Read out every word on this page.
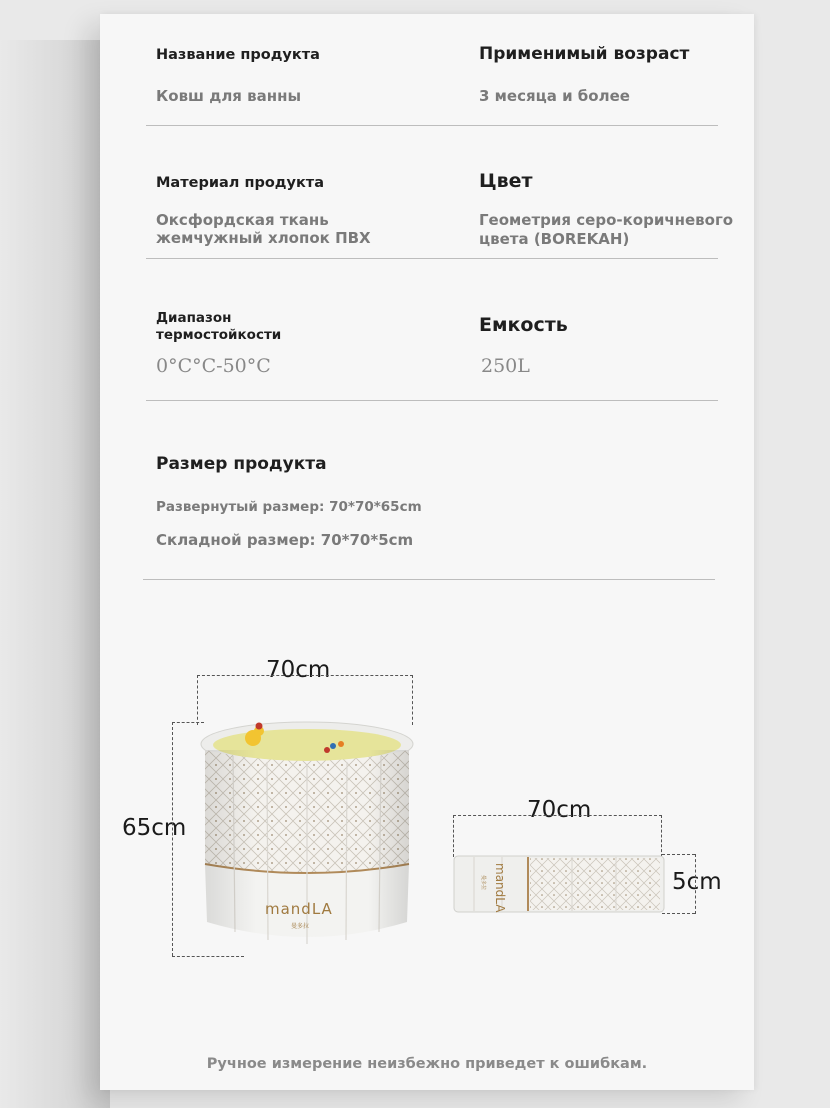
Название продукта
Ковш для ванны
Применимый возраст
3 месяца и более
Материал продукта
Оксфордская ткань
жемчужный хлопок ПВХ
Цвет
Геометрия серо-коричневого
цвета (BOREKAH)
Диапазон
термостойкости
0°C°C-50°C
Емкость
250L
Размер продукта
Развернутый размер: 70*70*65cm
Складной размер: 70*70*5cm
70cm
65cm
mandLA
曼多拉
70cm
5cm
mandLA
曼多拉
Ручное измерение неизбежно приведет к ошибкам.
